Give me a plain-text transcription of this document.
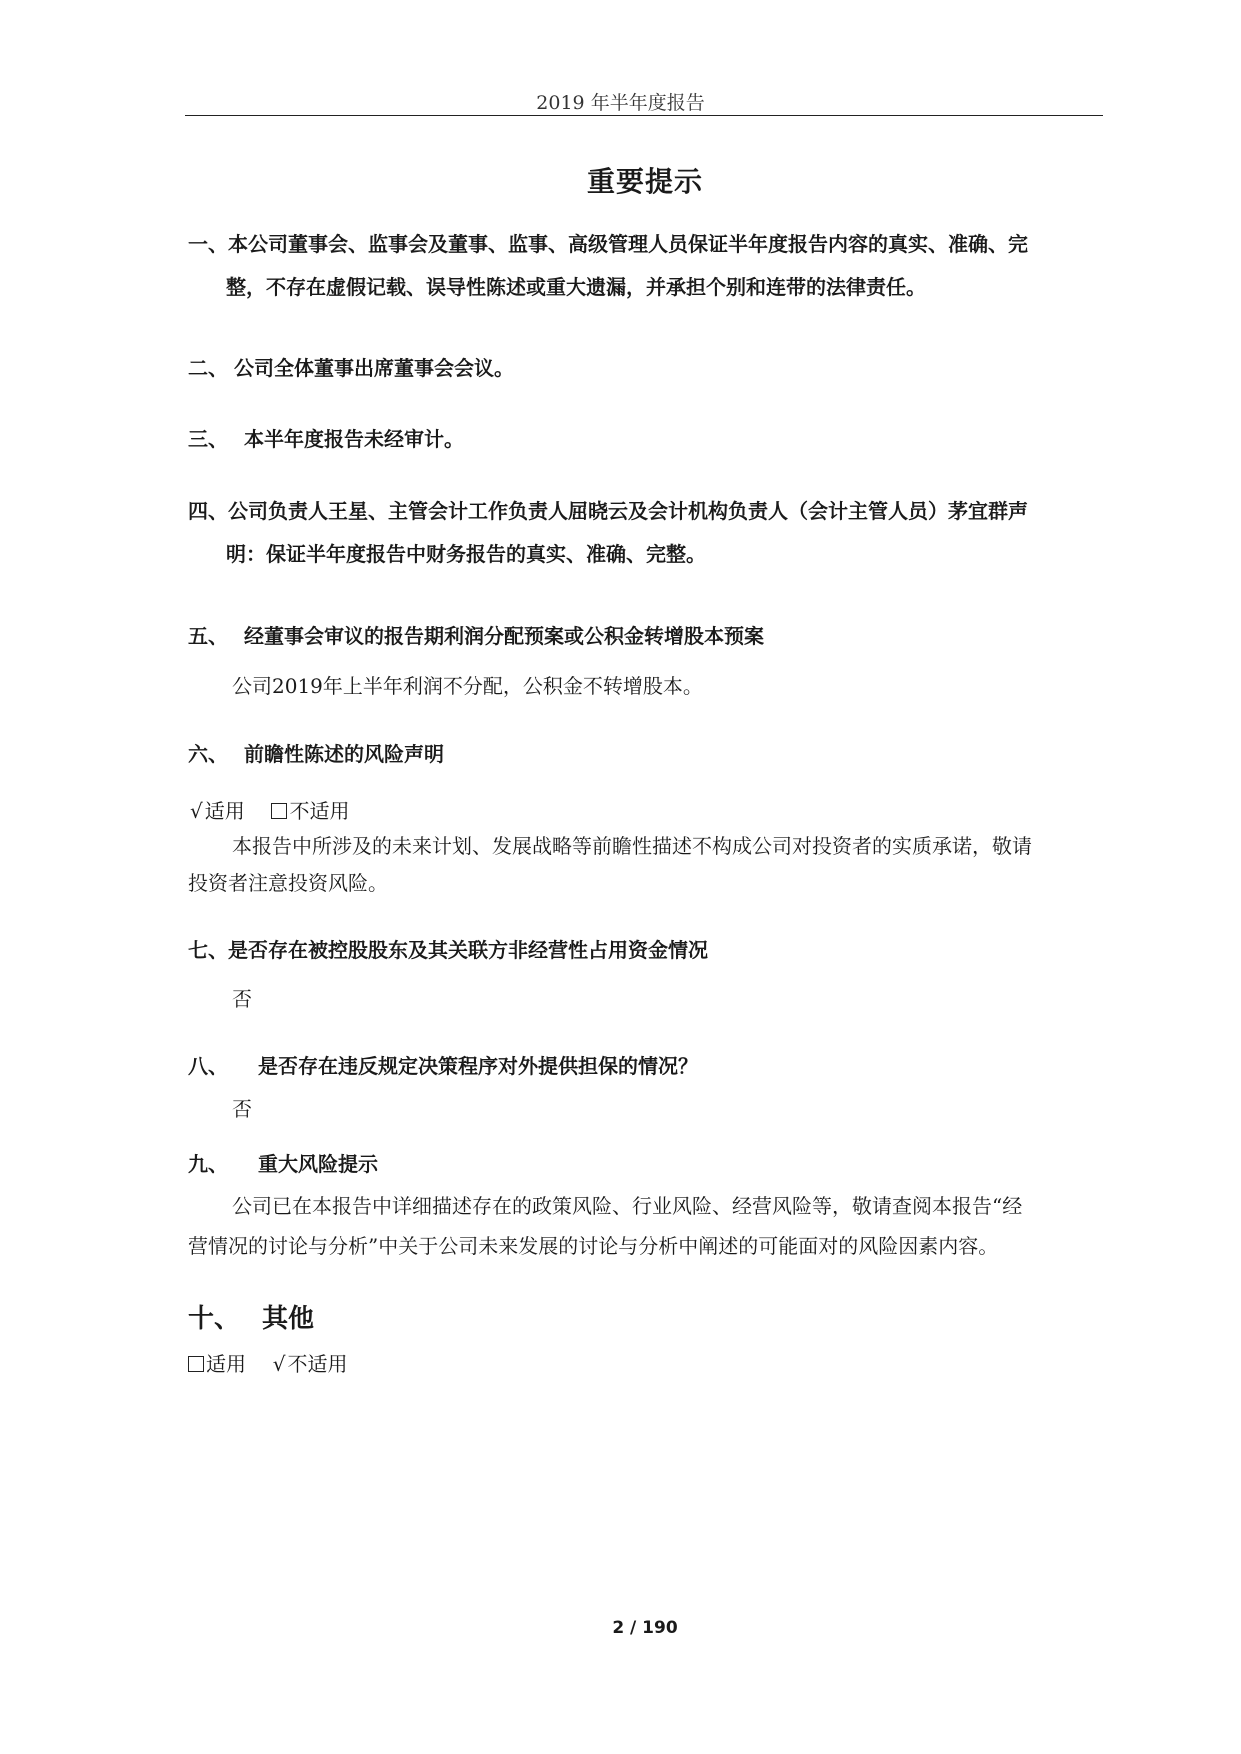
2019 年半年度报告
重要提示
一、本公司董事会、监事会及董事、监事、高级管理人员保证半年度报告内容的真实、准确、完
整，不存在虚假记载、误导性陈述或重大遗漏，并承担个别和连带的法律责任。
二、 公司全体董事出席董事会会议。
三、 本半年度报告未经审计。
四、公司负责人王星、主管会计工作负责人屈晓云及会计机构负责人（会计主管人员）茅宜群声
明：保证半年度报告中财务报告的真实、准确、完整。
五、 经董事会审议的报告期利润分配预案或公积金转增股本预案
公司2019年上半年利润不分配，公积金不转增股本。
六、 前瞻性陈述的风险声明
√ 适用 不适用
本报告中所涉及的未来计划、发展战略等前瞻性描述不构成公司对投资者的实质承诺，敬请
投资者注意投资风险。
七、是否存在被控股股东及其关联方非经营性占用资金情况
否
八、 是否存在违反规定决策程序对外提供担保的情况？
否
九、 重大风险提示
公司已在本报告中详细描述存在的政策风险、行业风险、经营风险等，敬请查阅本报告“经
营情况的讨论与分析”中关于公司未来发展的讨论与分析中阐述的可能面对的风险因素内容。
十、 其他
适用 √ 不适用
2 / 190
